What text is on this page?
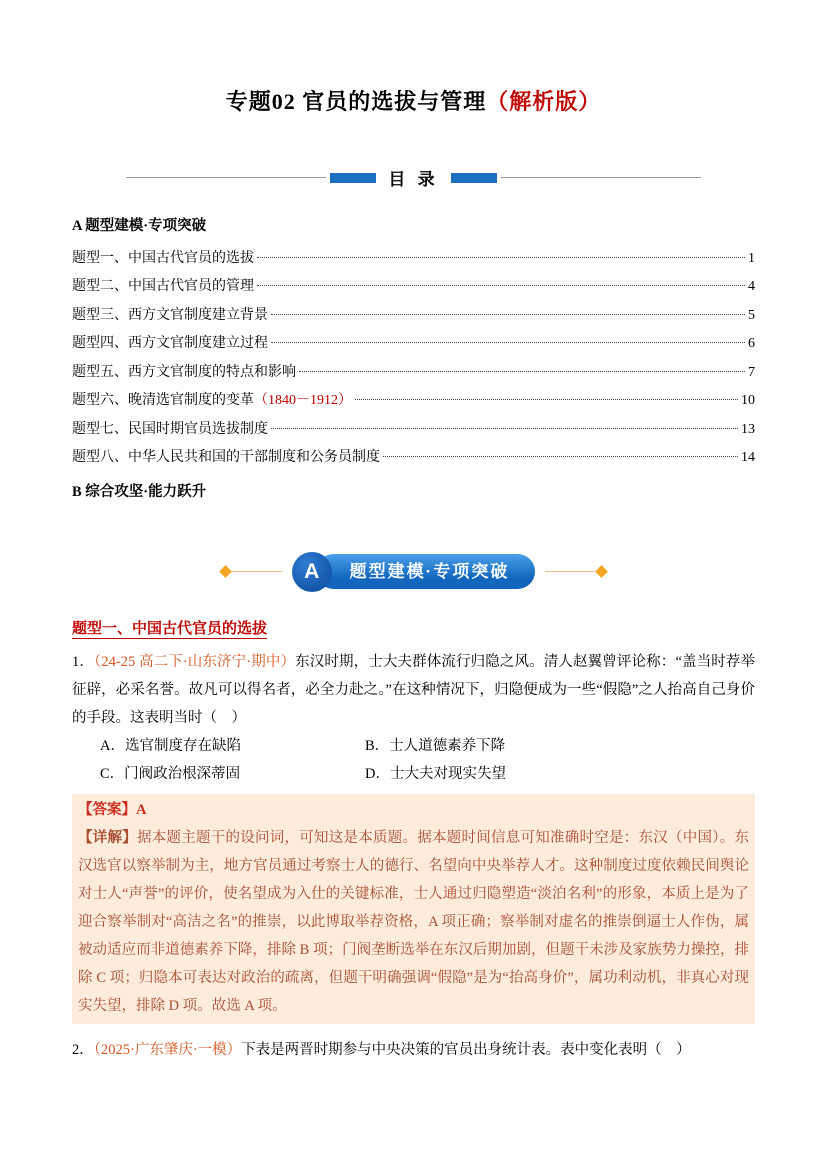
专题02 官员的选拔与管理（解析版）
目 录

A 题型建模·专项突破

题型一、中国古代官员的选拔	1
题型二、中国古代官员的管理	4
题型三、西方文官制度建立背景	5
题型四、西方文官制度建立过程	6
题型五、西方文官制度的特点和影响	7
题型六、晚清选官制度的变革 （1840－1912）	10
题型七、民国时期官员选拔制度	13
题型八、中华人民共和国的干部制度和公务员制度	14

B 综合攻坚·能力跃升

A	题型建模·专项突破
题型一、中国古代官员的选拔

1．（24-25 高二下·山东济宁·期中）东汉时期，士大夫群体流行归隐之风。清人赵翼曾评论称：“盖当时荐举征辟，必采名誉。故凡可以得名者，必全力赴之。”在这种情况下，归隐便成为一些“假隐”之人抬高自己身价的手段。这表明当时（　）

A．选官制度存在缺陷	B．士人道德素养下降
C．门阀政治根深蒂固	D．士大夫对现实失望

【答案】A

【详解】据本题主题干的设问词，可知这是本质题。据本题时间信息可知准确时空是：东汉（中国）。东汉选官以察举制为主，地方官员通过考察士人的德行、名望向中央举荐人才。这种制度过度依赖民间舆论对士人“声誉”的评价，使名望成为入仕的关键标准，士人通过归隐塑造“淡泊名利”的形象，本质上是为了迎合察举制对“高洁之名”的推崇，以此博取举荐资格，A 项正确；察举制对虚名的推崇倒逼士人作伪，属被动适应而非道德素养下降，排除 B 项；门阀垄断选举在东汉后期加剧，但题干未涉及家族势力操控，排除 C 项；归隐本可表达对政治的疏离，但题干明确强调“假隐”是为“抬高身价”，属功利动机，非真心对现实失望，排除 D 项。故选 A 项。

2．（2025·广东肇庆·一模）下表是两晋时期参与中央决策的官员出身统计表。表中变化表明（　）
